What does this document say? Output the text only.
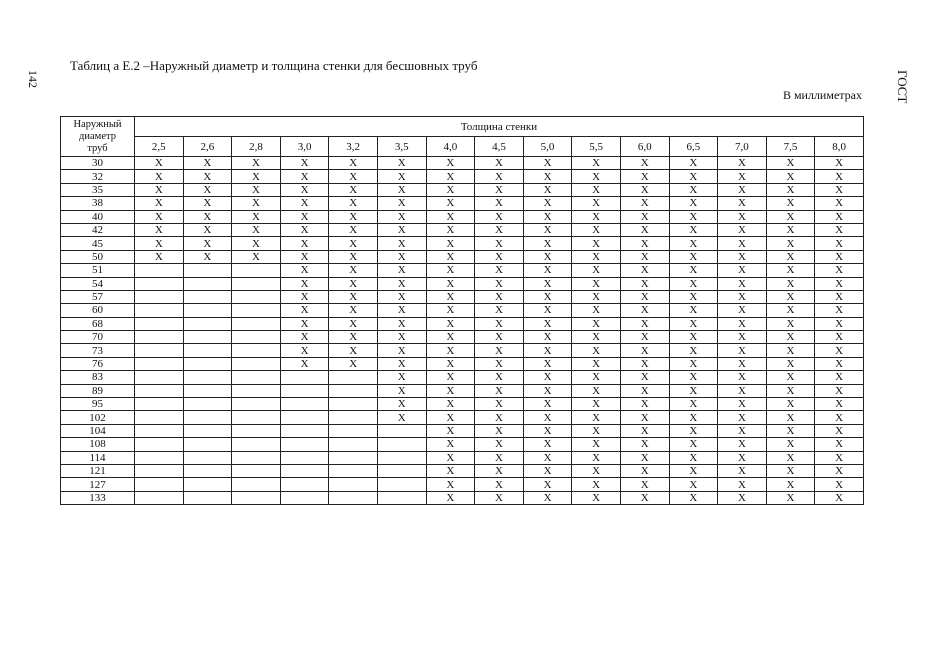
142	ГОСТ
Таблиц а Е.2 –Наружный диаметр и толщина стенки для бесшовных труб
В миллиметрах
Наружный
диаметр
труб	Толщина стенки														
	2,5	2,6	2,8	3,0	3,2	3,5	4,0	4,5	5,0	5,5	6,0	6,5	7,0	7,5	8,0
30	X	X	X	X	X	X	X	X	X	X	X	X	X	X	X
32	X	X	X	X	X	X	X	X	X	X	X	X	X	X	X
35	X	X	X	X	X	X	X	X	X	X	X	X	X	X	X
38	X	X	X	X	X	X	X	X	X	X	X	X	X	X	X
40	X	X	X	X	X	X	X	X	X	X	X	X	X	X	X
42	X	X	X	X	X	X	X	X	X	X	X	X	X	X	X
45	X	X	X	X	X	X	X	X	X	X	X	X	X	X	X
50	X	X	X	X	X	X	X	X	X	X	X	X	X	X	X
51				X	X	X	X	X	X	X	X	X	X	X	X
54				X	X	X	X	X	X	X	X	X	X	X	X
57				X	X	X	X	X	X	X	X	X	X	X	X
60				X	X	X	X	X	X	X	X	X	X	X	X
68				X	X	X	X	X	X	X	X	X	X	X	X
70				X	X	X	X	X	X	X	X	X	X	X	X
73				X	X	X	X	X	X	X	X	X	X	X	X
76				X	X	X	X	X	X	X	X	X	X	X	X
83						X	X	X	X	X	X	X	X	X	X
89						X	X	X	X	X	X	X	X	X	X
95						X	X	X	X	X	X	X	X	X	X
102						X	X	X	X	X	X	X	X	X	X
104							X	X	X	X	X	X	X	X	X
108							X	X	X	X	X	X	X	X	X
114							X	X	X	X	X	X	X	X	X
121							X	X	X	X	X	X	X	X	X
127							X	X	X	X	X	X	X	X	X
133							X	X	X	X	X	X	X	X	X
